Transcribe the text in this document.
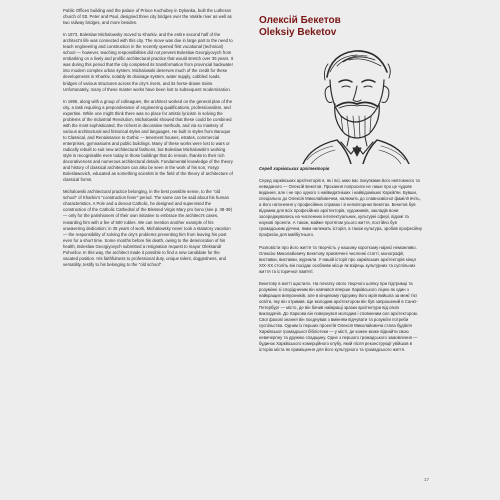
Public Offices building and the palace of Prince Kochubey in Dykanka, built the Lutheran church of Stt. Peter and Paul, designed three city bridges over the Vaskle river as well as two railway bridges, and more besides.

In 1873, Boleslaw Michalowsky moved to Kharkiv, and the entire second half of the architect's life was connected with this city. The move was due in large part to the need to teach engineering and construction in the recently opened first vocational (technical) school — however, teaching responsibilities did not prevent Boleslaw Georgiyovych from embarking on a lively and prolific architectural practice that would stretch over 35 years. It was during this period that the city completed its transformation from provincial backwater into modern complex urban system. Michalowski deserves much of the credit for these developments in Kharkiv, notably its drainage system, water supply, cobbled roads, bridges of various structures across the city's rivers, and its horse-drawn trains. Unfortunately, many of these master works have been lost to subsequent modernisation.

In 1895, along with a group of colleagues, the architect worked on the general plan of the city, a task requiring a preponderance of engineering qualifications, professionalism, and expertise. While one might think there was no place for artistic lyricism in solving the problems of the Industrial Revolution, Michalowski showed that these could be combined with the most sophisticated, the richest in decorative methods, and via so mastery of various architectural and historical styles and languages. He built in styles from Baroque to Classical, and Renaissance to Gothic — tenement houses, estates, commercial enterprises, gymnasiums and public buildings. Many of these works were lost to wars or radically rebuilt to suit new architectural fashions, but Boleslaw Michalowski's working style is recognisable even today in those buildings that do remain, thanks to their rich decorativeness and numerous architectural details. Fundamental knowledge of the theory and history of classical architecture can also be seen in the work of his son, Yosyp Boleslawovich, educated as something scientist in the field of the theory of architecture of classical forms.

Michalowski architectural practice belonging, in the best possible sense, to the "old school" of Kharkiv's "construction fever" period. The same can be said about his human characteristics. A Pole and a devout Catholic, he designed and supervised the construction of the Catholic Cathedral of the Blessed Virgin Mary pro bono (see p. 38-39) — only for the parishioners of their own initiative to embrace the architect's cases, rewarding him with a fee of 500 rubles. We can mention another example of his unwavering dedication: in 35 years of work, Michalowsky never took a statutory vacation — the responsibility of solving the city's problems preventing him from leaving his post even for a short time. Some months before his death, owing to the deterioration of his health, Boleslaw Georgiyovych submitted a resignation request to mayor Oleksandr Pohorilov. In this way, the architect made it possible to find a new candidate for the vacated position. His faithfulness to professional duty, unique talent, doggedness, and versatility, testify to his belonging to the "old school".

Олексій Бекетов
Oleksiy Beketov

Серед харківських архітекторів

Серед харківських архітекторів я, як і всі, маю вас покупками його невтомного та невиданого — Олексій Бекетов. Прохання попросити не лише про це чудове видання, але і не про одного з найвидатніших і найвідоміших Харків'ян. Бувши, спеціально до Олексія Миколайовичем, належить до славнозвісної фамілії вчіть, а його натхнення у професійних справах і в неповторних Бекетах. Бекетов був відомим для всіх професійних архітекторів, художників, закладів вони зосереджувались на численних інтелектуальних, культурні сфері, відомі та наукові проекти. А також, майже протягом усього життя, постійно був громадським діячем, яким належать історія, а також культура, зробив професійну професію для майбутнього.

Розповісти про його життя та творчість у нашому короткому нарисі неможливо. Олексію Миколайовичу Бекетову присвячені численні статті, монографії, виставки, виставки, журнали. У нашій історії про харківських архітекторів кінця XIX-XX століть він посідає особливе місце як взірець культурних та суспільних життя та історичної пам'яті.

Бекетову в житті щастило. На початку свого творчого шляху при підтримці та розумінні зі спорідненим він навчався вперше Харківського ліцею як один з найкращих випускників, але в кінцевому підсумку його мрія вийшла за межі тієї освіти, яку він отримав. Ще молодим архітектором він був запрошений в Санкт-Петербург — місто, де він бачив найкращі зразки архітектури від своїх викладачів. До Харкова він повернувся молодим і сповненим сил архітектором. Свої фахові знання він поєднував з вмінням відчувати та розуміти потреби суспільства. Одним із перших проектів Олексія Миколайовича стала будівля Харківської громадської бібліотеки — у місті, де кожен може віднайти свою невичерпну та дружню спадщину. Одне з першого громадського замовлення — будинок Харківського комерційного клубу, який після реконструкції увійшов в історію міста як приміщення для його культурного та громадського життя.

17
